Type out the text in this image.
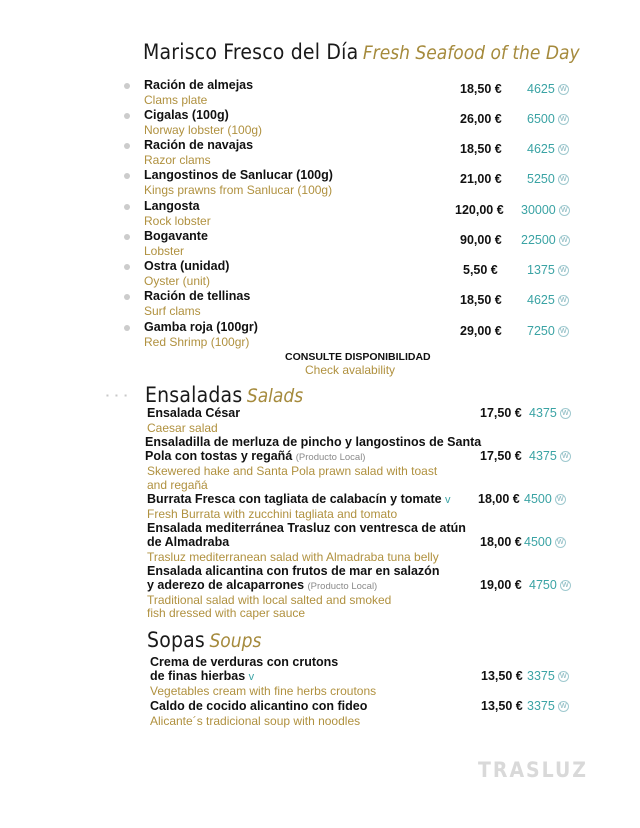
Marisco Fresco del Día Fresh Seafood of the Day
Ración de almejas
Clams plate
18,50 € 4625 W
Cigalas (100g)
Norway lobster (100g)
26,00 € 6500 W
Ración de navajas
Razor clams
18,50 € 4625 W
Langostinos de Sanlucar (100g)
Kings prawns from Sanlucar (100g)
21,00 € 5250 W
Langosta
Rock lobster
120,00 € 30000 W
Bogavante
Lobster
90,00 € 22500 W
Ostra (unidad)
Oyster (unit)
5,50 € 1375 W
Ración de tellinas
Surf clams
18,50 € 4625 W
Gamba roja (100gr)
Red Shrimp (100gr)
29,00 € 7250 W
CONSULTE DISPONIBILIDAD
Check avalability
▪ ▪ ▪ Ensaladas Salads
Ensalada César
Caesar salad
17,50 € 4375 W
Ensaladilla de merluza de pincho y langostinos de Santa
Pola con tostas y regañá (Producto Local)
Skewered hake and Santa Pola prawn salad with toast
and regañá
17,50 € 4375 W
Burrata Fresca con tagliata de calabacín y tomate v
Fresh Burrata with zucchini tagliata and tomato
18,00 € 4500 W
Ensalada mediterránea Trasluz con ventresca de atún
de Almadraba
Trasluz mediterranean salad with Almadraba tuna belly
18,00 € 4500 W
Ensalada alicantina con frutos de mar en salazón
y aderezo de alcaparrones (Producto Local)
Traditional salad with local salted and smoked
fish dressed with caper sauce
19,00 € 4750 W
Sopas Soups
Crema de verduras con crutons
de finas hierbas v
Vegetables cream with fine herbs croutons
13,50 € 3375 W
Caldo de cocido alicantino con fideo
Alicante´s tradicional soup with noodles
13,50 € 3375 W
TRASLUZ
